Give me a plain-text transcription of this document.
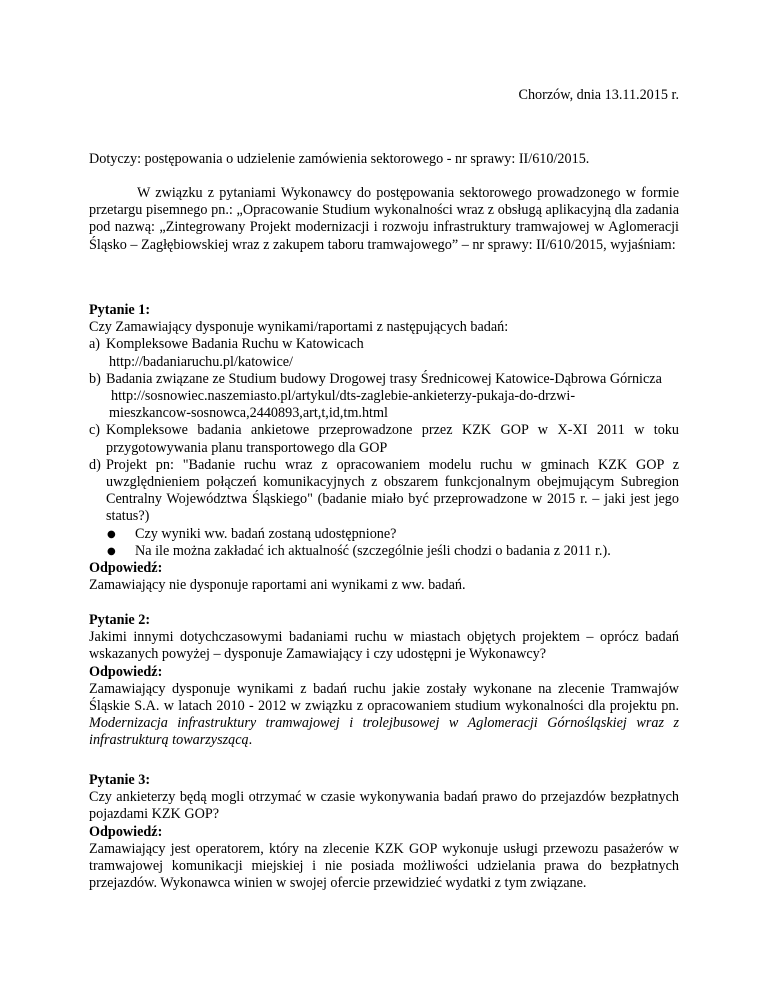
Chorzów, dnia 13.11.2015 r.
Dotyczy: postępowania o udzielenie zamówienia sektorowego - nr sprawy: II/610/2015.
W związku z pytaniami Wykonawcy do postępowania sektorowego prowadzonego w formie przetargu pisemnego pn.: „Opracowanie Studium wykonalności wraz z obsługą aplikacyjną dla zadania pod nazwą: „Zintegrowany Projekt modernizacji i rozwoju infrastruktury tramwajowej w Aglomeracji Śląsko – Zagłębiowskiej wraz z zakupem taboru tramwajowego” – nr sprawy: II/610/2015, wyjaśniam:
Pytanie 1:
Czy Zamawiający dysponuje wynikami/raportami z następujących badań:
a) Kompleksowe Badania Ruchu w Katowicach
http://badaniaruchu.pl/katowice/
b) Badania związane ze Studium budowy Drogowej trasy Średnicowej Katowice-Dąbrowa Górnicza
http://sosnowiec.naszemiasto.pl/artykul/dts-zaglebie-ankieterzy-pukaja-do-drzwi-
mieszkancow-sosnowca,2440893,art,t,id,tm.html
c) Kompleksowe badania ankietowe przeprowadzone przez KZK GOP w X-XI 2011 w toku przygotowywania planu transportowego dla GOP
d) Projekt pn: "Badanie ruchu wraz z opracowaniem modelu ruchu w gminach KZK GOP z uwzględnieniem połączeń komunikacyjnych z obszarem funkcjonalnym obejmującym Subregion Centralny Województwa Śląskiego" (badanie miało być przeprowadzone w 2015 r. – jaki jest jego status?)
●	Czy wyniki ww. badań zostaną udostępnione?
●	Na ile można zakładać ich aktualność (szczególnie jeśli chodzi o badania z 2011 r.).
Odpowiedź:
Zamawiający nie dysponuje raportami ani wynikami z ww. badań.
Pytanie 2:
Jakimi innymi dotychczasowymi badaniami ruchu w miastach objętych projektem – oprócz badań wskazanych powyżej – dysponuje Zamawiający i czy udostępni je Wykonawcy?
Odpowiedź:
Zamawiający dysponuje wynikami z badań ruchu jakie zostały wykonane na zlecenie Tramwajów Śląskie S.A. w latach 2010 - 2012 w związku z opracowaniem studium wykonalności dla projektu pn. Modernizacja infrastruktury tramwajowej i trolejbusowej w Aglomeracji Górnośląskiej wraz z infrastrukturą towarzyszącą.
Pytanie 3:
Czy ankieterzy będą mogli otrzymać w czasie wykonywania badań prawo do przejazdów bezpłatnych pojazdami KZK GOP?
Odpowiedź:
Zamawiający jest operatorem, który na zlecenie KZK GOP wykonuje usługi przewozu pasażerów w tramwajowej komunikacji miejskiej i nie posiada możliwości udzielania prawa do bezpłatnych przejazdów. Wykonawca winien w swojej ofercie przewidzieć wydatki z tym związane.
